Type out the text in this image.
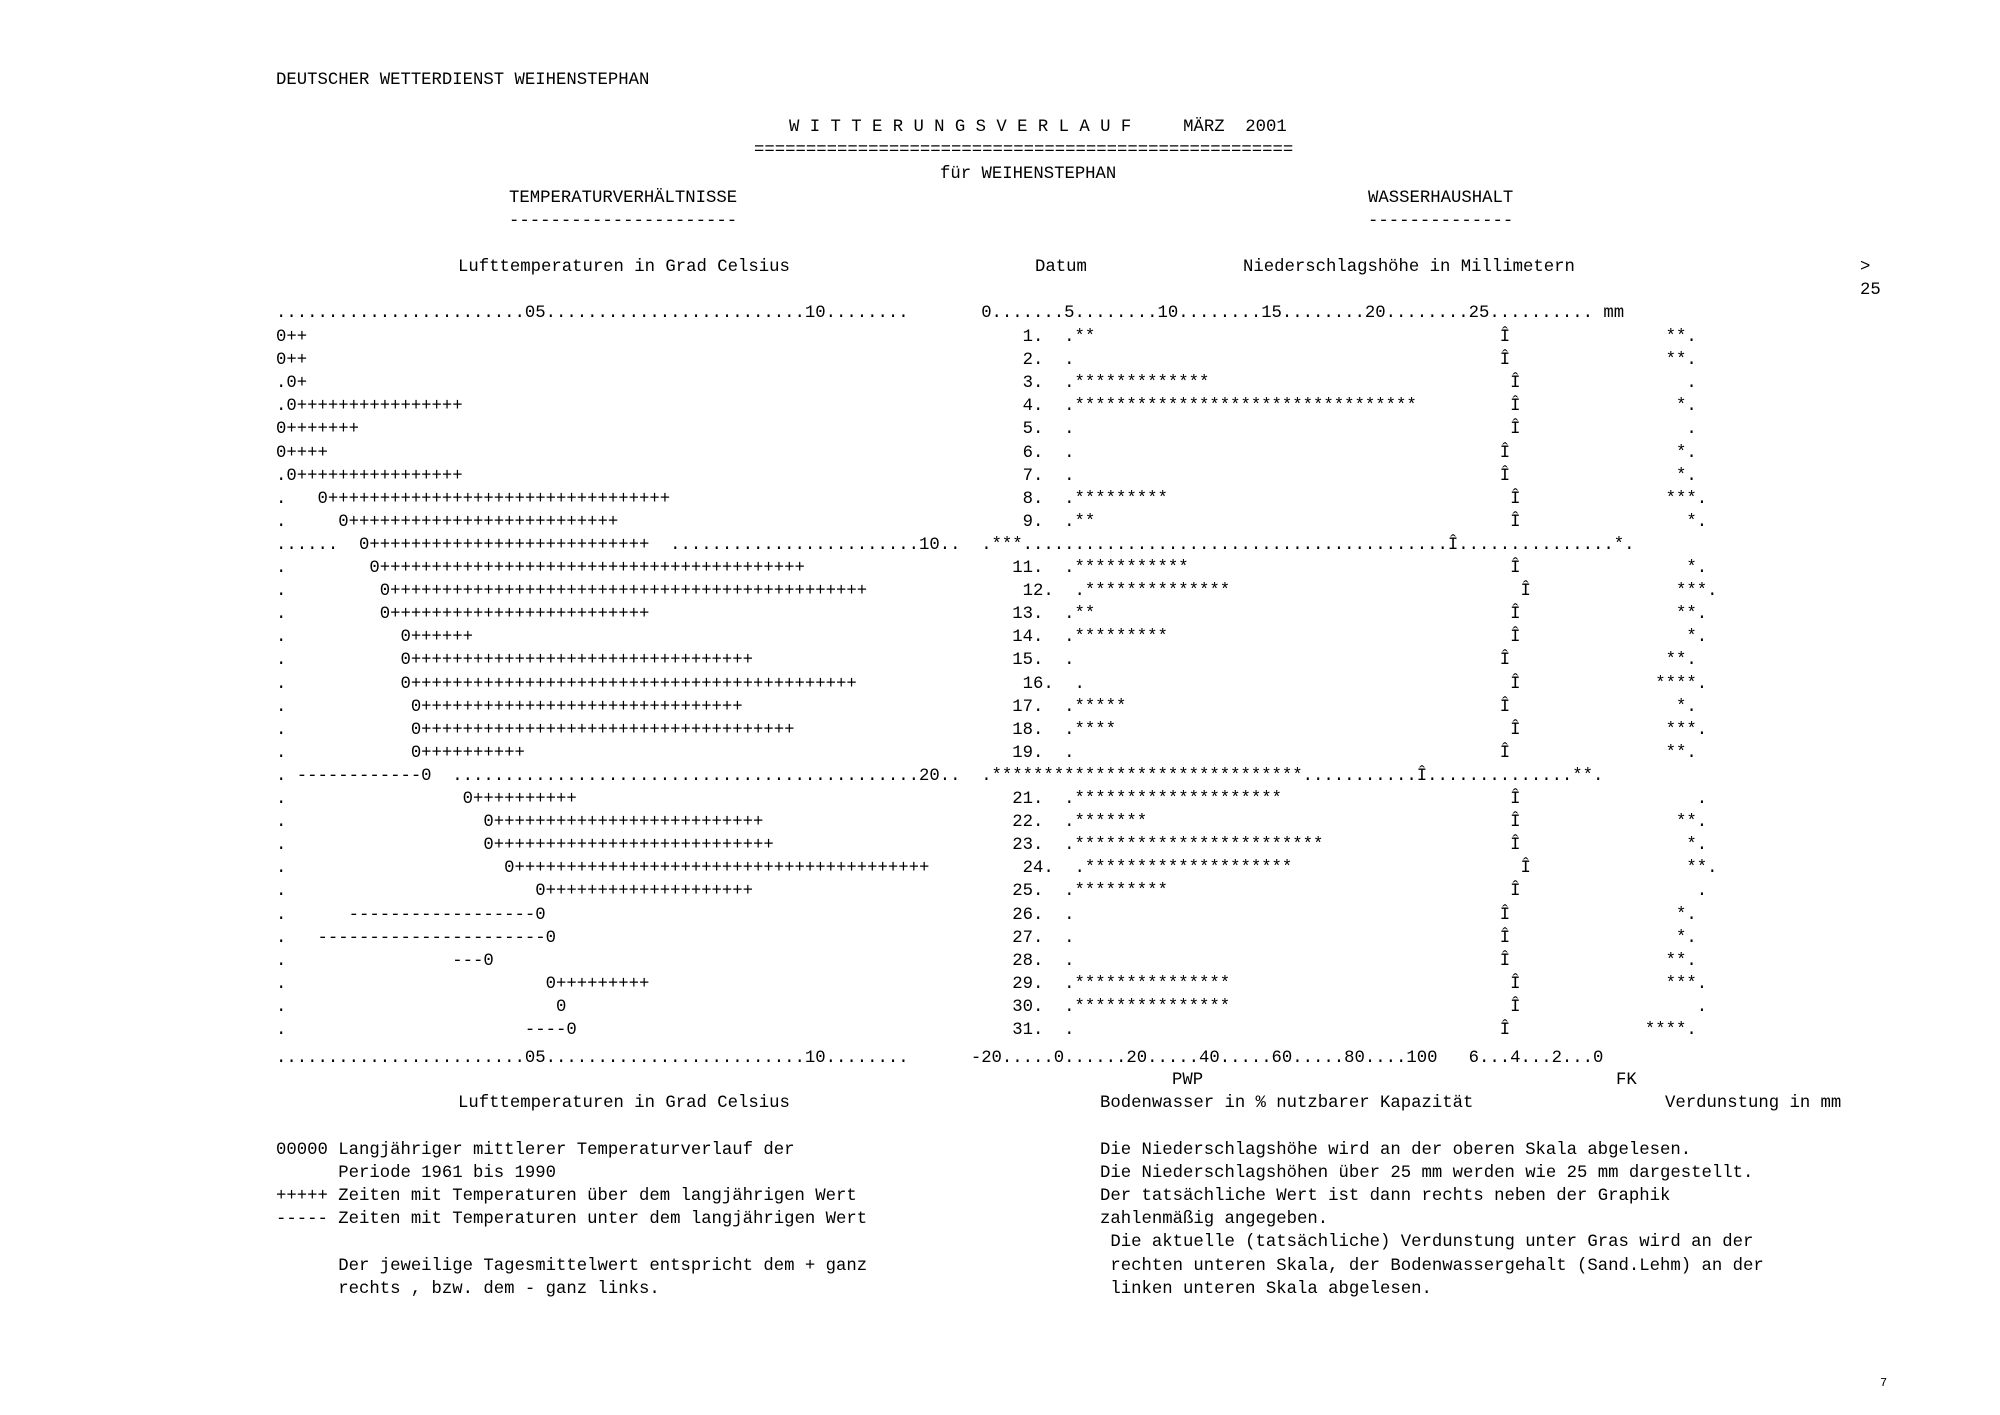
DEUTSCHER WETTERDIENST WEIHENSTEPHAN
W I T T E R U N G S V E R L A U F     MÄRZ  2001
====================================================
für WEIHENSTEPHAN
TEMPERATURVERHÄLTNISSE	WASSERHAUSHALT
----------------------	--------------
Lufttemperaturen in Grad Celsius	Datum	Niederschlagshöhe in Millimetern	>
25
........................05.........................10........       0.......5........10........15........20........25.......... mm
0++                                                                     1.  .**                                       Î               **.
0++                                                                     2.  .                                         Î               **.
.0+                                                                     3.  .*************                             Î                .
.0++++++++++++++++                                                      4.  .*********************************         Î               *.
0+++++++                                                                5.  .                                          Î                .
0++++                                                                   6.  .                                         Î                *.
.0++++++++++++++++                                                      7.  .                                         Î                *.
.   0+++++++++++++++++++++++++++++++++                                  8.  .*********                                 Î              ***.
.     0++++++++++++++++++++++++++                                       9.  .**                                        Î                *.
......  0+++++++++++++++++++++++++++  ........................10..  .***.........................................Î...............*.
.        0+++++++++++++++++++++++++++++++++++++++++                    11.  .***********                               Î                *.
.         0++++++++++++++++++++++++++++++++++++++++++++++               12.  .**************                            Î              ***.
.         0+++++++++++++++++++++++++                                   13.  .**                                        Î               **.
.           0++++++                                                    14.  .*********                                 Î                *.
.           0+++++++++++++++++++++++++++++++++                         15.  .                                         Î               **.
.           0+++++++++++++++++++++++++++++++++++++++++++                16.  .                                         Î             ****.
.            0+++++++++++++++++++++++++++++++                          17.  .*****                                    Î                *.
.            0++++++++++++++++++++++++++++++++++++                     18.  .****                                      Î              ***.
.            0++++++++++                                               19.  .                                         Î               **.
. ------------0  .............................................20..  .******************************...........Î..............**.
.                 0++++++++++                                          21.  .********************                      Î                 .
.                   0++++++++++++++++++++++++++                        22.  .*******                                   Î               **.
.                   0+++++++++++++++++++++++++++                       23.  .************************                  Î                *.
.                     0++++++++++++++++++++++++++++++++++++++++         24.  .********************                      Î               **.
.                        0++++++++++++++++++++                         25.  .*********                                 Î                 .
.      ------------------0                                             26.  .                                         Î                *.
.   ----------------------0                                            27.  .                                         Î                *.
.                ---0                                                  28.  .                                         Î               **.
.                         0+++++++++                                   29.  .***************                           Î              ***.
.                          0                                           30.  .***************                           Î                 .
.                       ----0                                          31.  .                                         Î             ****.
........................05.........................10........      -20.....0......20.....40.....60.....80....100   6...4...2...0
PWP	FK
Lufttemperaturen in Grad Celsius	Bodenwasser in % nutzbarer Kapazität	Verdunstung in mm
00000 Langjähriger mittlerer Temperaturverlauf der
Periode 1961 bis 1990
+++++ Zeiten mit Temperaturen über dem langjährigen Wert
----- Zeiten mit Temperaturen unter dem langjährigen Wert
Der jeweilige Tagesmittelwert entspricht dem + ganz
rechts , bzw. dem - ganz links.
Die Niederschlagshöhe wird an der oberen Skala abgelesen.
Die Niederschlagshöhen über 25 mm werden wie 25 mm dargestellt.
Der tatsächliche Wert ist dann rechts neben der Graphik
zahlenmäßig angegeben.
Die aktuelle (tatsächliche) Verdunstung unter Gras wird an der
rechten unteren Skala, der Bodenwassergehalt (Sand.Lehm) an der
linken unteren Skala abgelesen.
7
